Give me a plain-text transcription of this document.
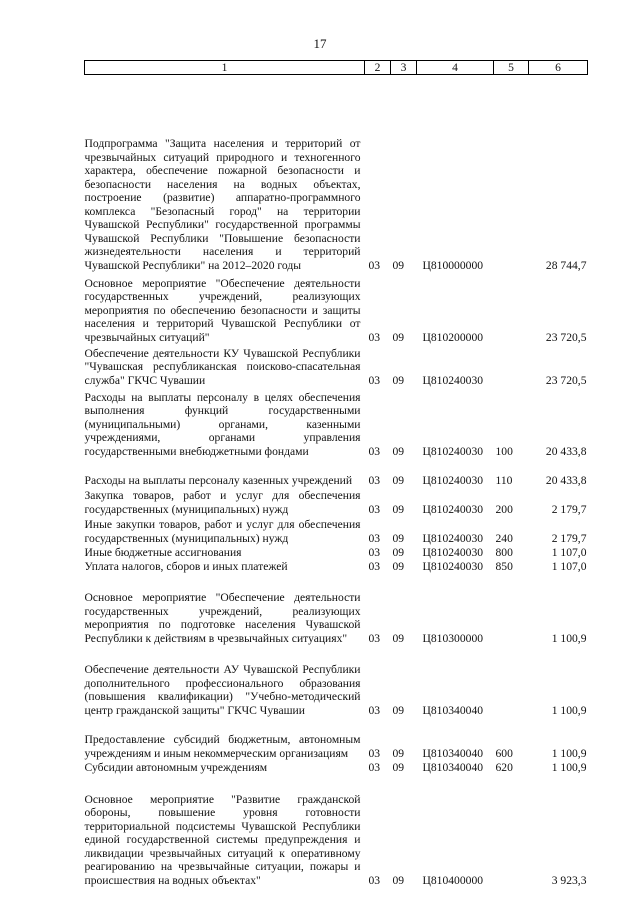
17
1	2	3	4	5	6
Подпрограмма "Защита населения и территорий от чрезвычайных ситуаций природного и техногенного характера, обеспечение пожарной безопасности и безопасности населения на водных объектах, построение (развитие) аппаратно-программного комплекса "Безопасный город" на территории Чувашской Республики" государственной программы Чувашской Республики "Повышение безопасности жизнедеятельности населения и территорий Чувашской Республики" на 2012–2020 годы	03	09	Ц810000000		28 744,7
Основное мероприятие "Обеспечение деятельности государственных учреждений, реализующих мероприятия по обеспечению безопасности и защиты населения и территорий Чувашской Республики от чрезвычайных ситуаций"	03	09	Ц810200000		23 720,5
Обеспечение деятельности КУ Чувашской Республики "Чувашская республиканская поисково-спасательная служба" ГКЧС Чувашии	03	09	Ц810240030		23 720,5
Расходы на выплаты персоналу в целях обеспечения выполнения функций государственными (муниципальными) органами, казенными учреждениями, органами управления государственными внебюджетными фондами	03	09	Ц810240030	100	20 433,8
Расходы на выплаты персоналу казенных учреждений	03	09	Ц810240030	110	20 433,8
Закупка товаров, работ и услуг для обеспечения государственных (муниципальных) нужд	03	09	Ц810240030	200	2 179,7
Иные закупки товаров, работ и услуг для обеспечения государственных (муниципальных) нужд	03	09	Ц810240030	240	2 179,7
Иные бюджетные ассигнования	03	09	Ц810240030	800	1 107,0
Уплата налогов, сборов и иных платежей	03	09	Ц810240030	850	1 107,0
Основное мероприятие "Обеспечение деятельности государственных учреждений, реализующих мероприятия по подготовке населения Чувашской Республики к действиям в чрезвычайных ситуациях"	03	09	Ц810300000		1 100,9
Обеспечение деятельности АУ Чувашской Республики дополнительного профессионального образования (повышения квалификации) "Учебно-методический центр гражданской защиты" ГКЧС Чувашии	03	09	Ц810340040		1 100,9
Предоставление субсидий бюджетным, автономным учреждениям и иным некоммерческим организациям	03	09	Ц810340040	600	1 100,9
Субсидии автономным учреждениям	03	09	Ц810340040	620	1 100,9
Основное мероприятие "Развитие гражданской обороны, повышение уровня готовности территориальной подсистемы Чувашской Республики единой государственной системы предупреждения и ликвидации чрезвычайных ситуаций к оперативному реагированию на чрезвычайные ситуации, пожары и происшествия на водных объектах"	03	09	Ц810400000		3 923,3
